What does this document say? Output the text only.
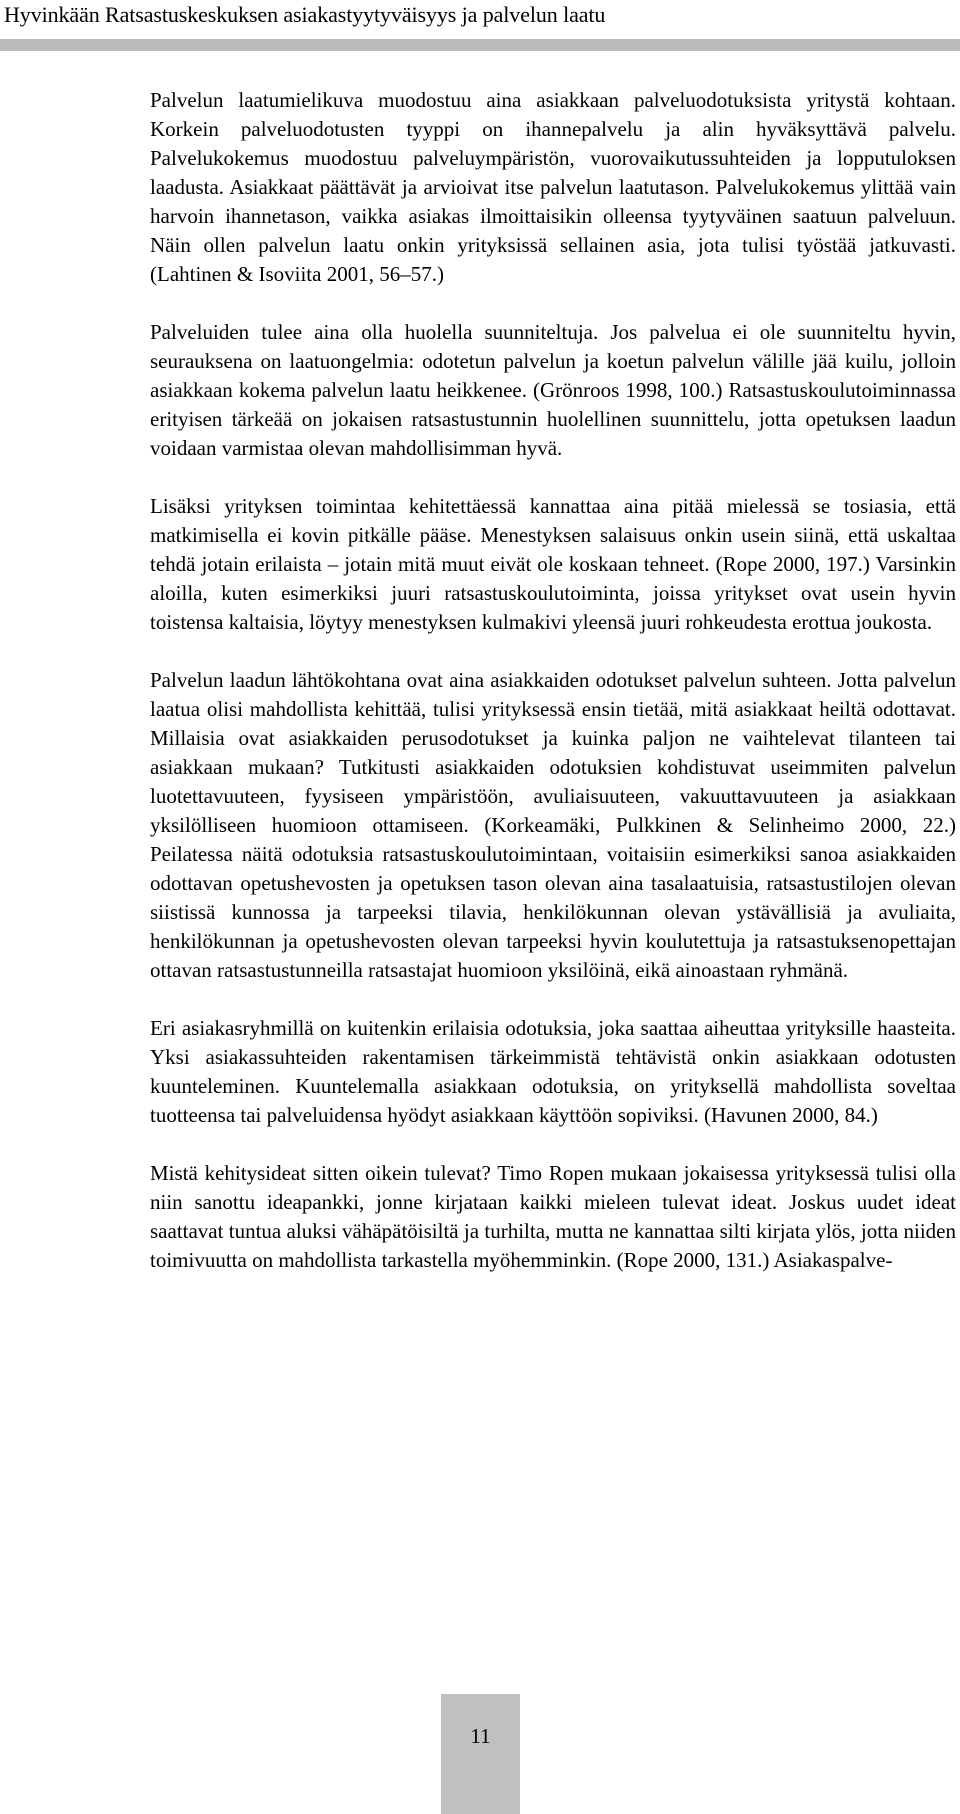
Hyvinkään Ratsastuskeskuksen asiakastyytyväisyys ja palvelun laatu

Palvelun laatumielikuva muodostuu aina asiakkaan palveluodotuksista yritystä kohtaan. Korkein palveluodotusten tyyppi on ihannepalvelu ja alin hyväksyttävä palvelu. Palvelukokemus muodostuu palveluympäristön, vuorovaikutussuhteiden ja lopputuloksen laadusta. Asiakkaat päättävät ja arvioivat itse palvelun laatutason. Palvelukokemus ylittää vain harvoin ihannetason, vaikka asiakas ilmoittaisikin olleensa tyytyväinen saatuun palveluun. Näin ollen palvelun laatu onkin yrityksissä sellainen asia, jota tulisi työstää jatkuvasti. (Lahtinen & Isoviita 2001, 56–57.)

Palveluiden tulee aina olla huolella suunniteltuja. Jos palvelua ei ole suunniteltu hyvin, seurauksena on laatuongelmia: odotetun palvelun ja koetun palvelun välille jää kuilu, jolloin asiakkaan kokema palvelun laatu heikkenee. (Grönroos 1998, 100.) Ratsastuskoulutoiminnassa erityisen tärkeää on jokaisen ratsastustunnin huolellinen suunnittelu, jotta opetuksen laadun voidaan varmistaa olevan mahdollisimman hyvä.

Lisäksi yrityksen toimintaa kehitettäessä kannattaa aina pitää mielessä se tosiasia, että matkimisella ei kovin pitkälle pääse. Menestyksen salaisuus onkin usein siinä, että uskaltaa tehdä jotain erilaista – jotain mitä muut eivät ole koskaan tehneet. (Rope 2000, 197.) Varsinkin aloilla, kuten esimerkiksi juuri ratsastuskoulutoiminta, joissa yritykset ovat usein hyvin toistensa kaltaisia, löytyy menestyksen kulmakivi yleensä juuri rohkeudesta erottua joukosta.

Palvelun laadun lähtökohtana ovat aina asiakkaiden odotukset palvelun suhteen. Jotta palvelun laatua olisi mahdollista kehittää, tulisi yrityksessä ensin tietää, mitä asiakkaat heiltä odottavat. Millaisia ovat asiakkaiden perusodotukset ja kuinka paljon ne vaihtelevat tilanteen tai asiakkaan mukaan? Tutkitusti asiakkaiden odotuksien kohdistuvat useimmiten palvelun luotettavuuteen, fyysiseen ympäristöön, avuliaisuuteen, vakuuttavuuteen ja asiakkaan yksilölliseen huomioon ottamiseen. (Korkeamäki, Pulkkinen & Selinheimo 2000, 22.) Peilatessa näitä odotuksia ratsastuskoulutoimintaan, voitaisiin esimerkiksi sanoa asiakkaiden odottavan opetushevosten ja opetuksen tason olevan aina tasalaatuisia, ratsastustilojen olevan siistissä kunnossa ja tarpeeksi tilavia, henkilökunnan olevan ystävällisiä ja avuliaita, henkilökunnan ja opetushevosten olevan tarpeeksi hyvin koulutettuja ja ratsastuksenopettajan ottavan ratsastustunneilla ratsastajat huomioon yksilöinä, eikä ainoastaan ryhmänä.

Eri asiakasryhmillä on kuitenkin erilaisia odotuksia, joka saattaa aiheuttaa yrityksille haasteita. Yksi asiakassuhteiden rakentamisen tärkeimmistä tehtävistä onkin asiakkaan odotusten kuunteleminen. Kuuntelemalla asiakkaan odotuksia, on yrityksellä mahdollista soveltaa tuotteensa tai palveluidensa hyödyt asiakkaan käyttöön sopiviksi. (Havunen 2000, 84.)

Mistä kehitysideat sitten oikein tulevat? Timo Ropen mukaan jokaisessa yrityksessä tulisi olla niin sanottu ideapankki, jonne kirjataan kaikki mieleen tulevat ideat. Joskus uudet ideat saattavat tuntua aluksi vähäpätöisiltä ja turhilta, mutta ne kannattaa silti kirjata ylös, jotta niiden toimivuutta on mahdollista tarkastella myöhemminkin. (Rope 2000, 131.) Asiakaspalve-

11
